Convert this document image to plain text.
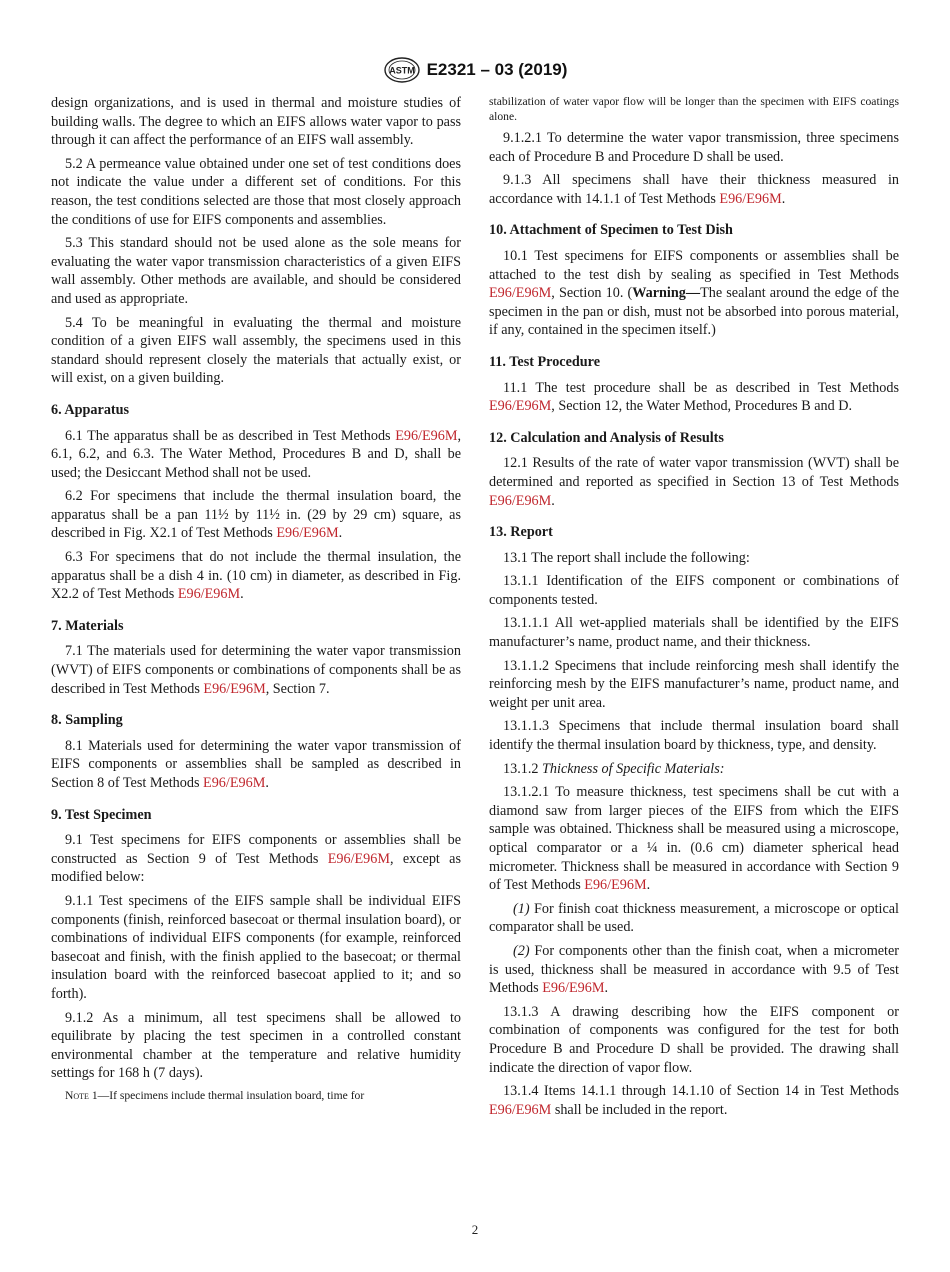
ASTM E2321 – 03 (2019)

design organizations, and is used in thermal and moisture studies of building walls. The degree to which an EIFS allows water vapor to pass through it can affect the performance of an EIFS wall assembly.

5.2 A permeance value obtained under one set of test conditions does not indicate the value under a different set of conditions. For this reason, the test conditions selected are those that most closely approach the conditions of use for EIFS components and assemblies.

5.3 This standard should not be used alone as the sole means for evaluating the water vapor transmission characteristics of a given EIFS wall assembly. Other methods are available, and should be considered and used as appropriate.

5.4 To be meaningful in evaluating the thermal and moisture condition of a given EIFS wall assembly, the specimens used in this standard should represent closely the materials that actually exist, or will exist, on a given building.

6. Apparatus

6.1 The apparatus shall be as described in Test Methods E96/E96M, 6.1, 6.2, and 6.3. The Water Method, Procedures B and D, shall be used; the Desiccant Method shall not be used.

6.2 For specimens that include the thermal insulation board, the apparatus shall be a pan 11½ by 11½ in. (29 by 29 cm) square, as described in Fig. X2.1 of Test Methods E96/E96M.

6.3 For specimens that do not include the thermal insulation, the apparatus shall be a dish 4 in. (10 cm) in diameter, as described in Fig. X2.2 of Test Methods E96/E96M.

7. Materials

7.1 The materials used for determining the water vapor transmission (WVT) of EIFS components or combinations of components shall be as described in Test Methods E96/E96M, Section 7.

8. Sampling

8.1 Materials used for determining the water vapor transmission of EIFS components or assemblies shall be sampled as described in Section 8 of Test Methods E96/E96M.

9. Test Specimen

9.1 Test specimens for EIFS components or assemblies shall be constructed as Section 9 of Test Methods E96/E96M, except as modified below:

9.1.1 Test specimens of the EIFS sample shall be individual EIFS components (finish, reinforced basecoat or thermal insulation board), or combinations of individual EIFS components (for example, reinforced basecoat and finish, with the finish applied to the basecoat; or thermal insulation board with the reinforced basecoat applied to it; and so forth).

9.1.2 As a minimum, all test specimens shall be allowed to equilibrate by placing the test specimen in a controlled constant environmental chamber at the temperature and relative humidity settings for 168 h (7 days).

Note 1—If specimens include thermal insulation board, time for

stabilization of water vapor flow will be longer than the specimen with EIFS coatings alone.

9.1.2.1 To determine the water vapor transmission, three specimens each of Procedure B and Procedure D shall be used.

9.1.3 All specimens shall have their thickness measured in accordance with 14.1.1 of Test Methods E96/E96M.

10. Attachment of Specimen to Test Dish

10.1 Test specimens for EIFS components or assemblies shall be attached to the test dish by sealing as specified in Test Methods E96/E96M, Section 10. (Warning—The sealant around the edge of the specimen in the pan or dish, must not be absorbed into porous material, if any, contained in the specimen itself.)

11. Test Procedure

11.1 The test procedure shall be as described in Test Methods E96/E96M, Section 12, the Water Method, Procedures B and D.

12. Calculation and Analysis of Results

12.1 Results of the rate of water vapor transmission (WVT) shall be determined and reported as specified in Section 13 of Test Methods E96/E96M.

13. Report

13.1 The report shall include the following:

13.1.1 Identification of the EIFS component or combinations of components tested.

13.1.1.1 All wet-applied materials shall be identified by the EIFS manufacturer’s name, product name, and their thickness.

13.1.1.2 Specimens that include reinforcing mesh shall identify the reinforcing mesh by the EIFS manufacturer’s name, product name, and weight per unit area.

13.1.1.3 Specimens that include thermal insulation board shall identify the thermal insulation board by thickness, type, and density.

13.1.2 Thickness of Specific Materials:

13.1.2.1 To measure thickness, test specimens shall be cut with a diamond saw from larger pieces of the EIFS from which the EIFS sample was obtained. Thickness shall be measured using a microscope, optical comparator or a ¼ in. (0.6 cm) diameter spherical head micrometer. Thickness shall be measured in accordance with Section 9 of Test Methods E96/E96M.

(1) For finish coat thickness measurement, a microscope or optical comparator shall be used.

(2) For components other than the finish coat, when a micrometer is used, thickness shall be measured in accordance with 9.5 of Test Methods E96/E96M.

13.1.3 A drawing describing how the EIFS component or combination of components was configured for the test for both Procedure B and Procedure D shall be provided. The drawing shall indicate the direction of vapor flow.

13.1.4 Items 14.1.1 through 14.1.10 of Section 14 in Test Methods E96/E96M shall be included in the report.

2
